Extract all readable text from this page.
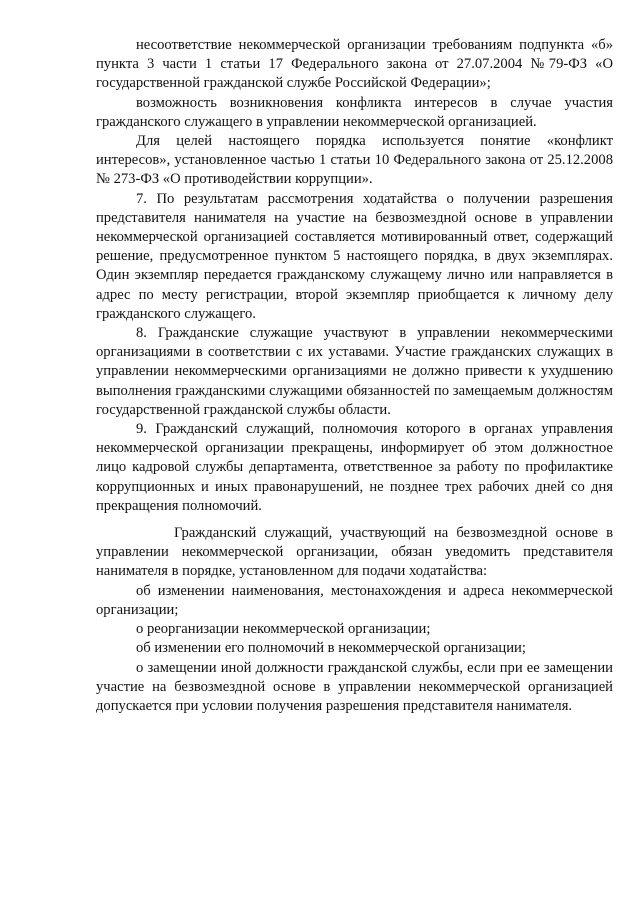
несоответствие некоммерческой организации требованиям подпункта «б» пункта 3 части 1 статьи 17 Федерального закона от 27.07.2004 №79-ФЗ «О государственной гражданской службе Российской Федерации»;

возможность возникновения конфликта интересов в случае участия гражданского служащего в управлении некоммерческой организацией.

Для целей настоящего порядка используется понятие «конфликт интересов», установленное частью 1 статьи 10 Федерального закона от 25.12.2008 № 273-ФЗ «О противодействии коррупции».

7. По результатам рассмотрения ходатайства о получении разрешения представителя нанимателя на участие на безвозмездной основе в управлении некоммерческой организацией составляется мотивированный ответ, содержащий решение, предусмотренное пунктом 5 настоящего порядка, в двух экземплярах. Один экземпляр передается гражданскому служащему лично или направляется в адрес по месту регистрации, второй экземпляр приобщается к личному делу гражданского служащего.

8. Гражданские служащие участвуют в управлении некоммерческими организациями в соответствии с их уставами. Участие гражданских служащих в управлении некоммерческими организациями не должно привести к ухудшению выполнения гражданскими служащими обязанностей по замещаемым должностям государственной гражданской службы области.

9. Гражданский служащий, полномочия которого в органах управления некоммерческой организации прекращены, информирует об этом должностное лицо кадровой службы департамента, ответственное за работу по профилактике коррупционных и иных правонарушений, не позднее трех рабочих дней со дня прекращения полномочий.

Гражданский служащий, участвующий на безвозмездной основе в управлении некоммерческой организации, обязан уведомить представителя нанимателя в порядке, установленном для подачи ходатайства:

об изменении наименования, местонахождения и адреса некоммерческой организации;

о реорганизации некоммерческой организации;

об изменении его полномочий в некоммерческой организации;

о замещении иной должности гражданской службы, если при ее замещении участие на безвозмездной основе в управлении некоммерческой организацией допускается при условии получения разрешения представителя нанимателя.
